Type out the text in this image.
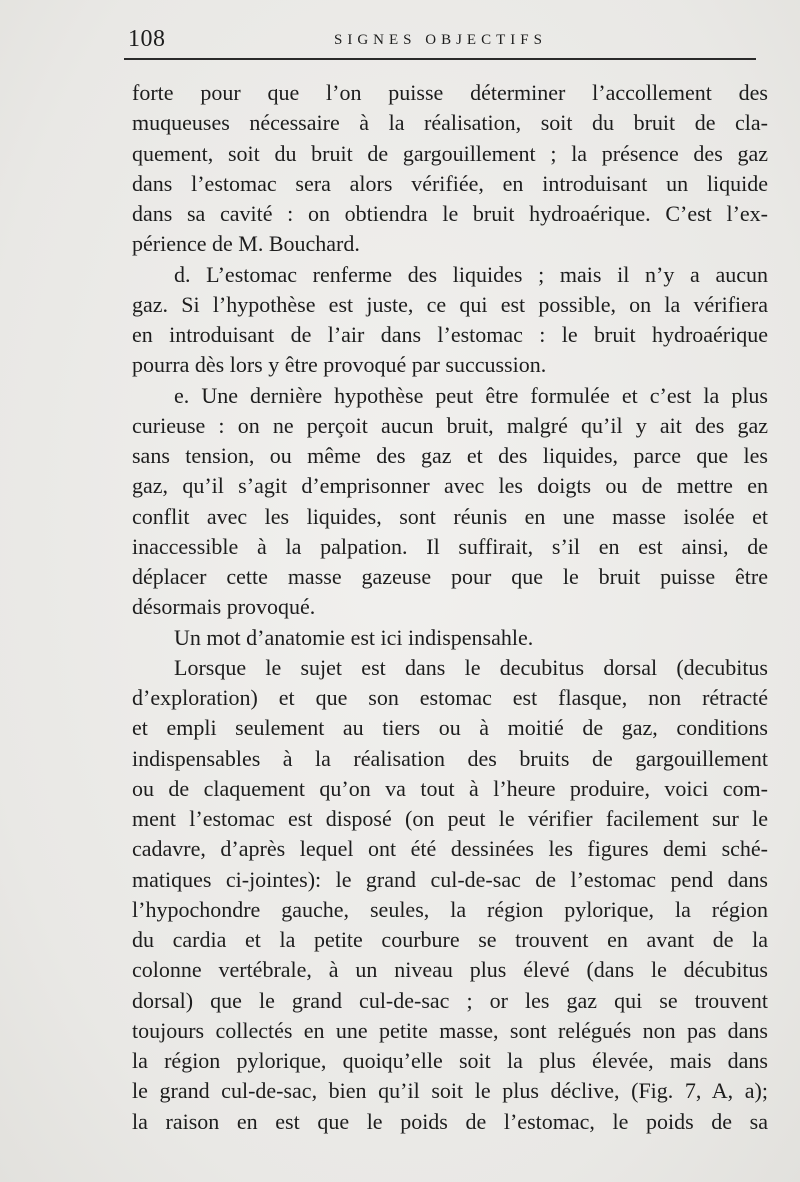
108	SIGNES OBJECTIFS
forte pour que l’on puisse déterminer l’accollement des
muqueuses nécessaire à la réalisation, soit du bruit de cla-
quement, soit du bruit de gargouillement ; la présence des gaz
dans l’estomac sera alors vérifiée, en introduisant un liquide
dans sa cavité : on obtiendra le bruit hydroaérique. C’est l’ex-
périence de M. Bouchard.
d. L’estomac renferme des liquides ; mais il n’y a aucun
gaz. Si l’hypothèse est juste, ce qui est possible, on la vérifiera
en introduisant de l’air dans l’estomac : le bruit hydroaérique
pourra dès lors y être provoqué par succussion.
e. Une dernière hypothèse peut être formulée et c’est la plus
curieuse : on ne perçoit aucun bruit, malgré qu’il y ait des gaz
sans tension, ou même des gaz et des liquides, parce que les
gaz, qu’il s’agit d’emprisonner avec les doigts ou de mettre en
conflit avec les liquides, sont réunis en une masse isolée et
inaccessible à la palpation. Il suffirait, s’il en est ainsi, de
déplacer cette masse gazeuse pour que le bruit puisse être
désormais provoqué.
Un mot d’anatomie est ici indispensahle.
Lorsque le sujet est dans le decubitus dorsal (decubitus
d’exploration) et que son estomac est flasque, non rétracté
et empli seulement au tiers ou à moitié de gaz, conditions
indispensables à la réalisation des bruits de gargouillement
ou de claquement qu’on va tout à l’heure produire, voici com-
ment l’estomac est disposé (on peut le vérifier facilement sur le
cadavre, d’après lequel ont été dessinées les figures demi sché-
matiques ci-jointes): le grand cul-de-sac de l’estomac pend dans
l’hypochondre gauche, seules, la région pylorique, la région
du cardia et la petite courbure se trouvent en avant de la
colonne vertébrale, à un niveau plus élevé (dans le décubitus
dorsal) que le grand cul-de-sac ; or les gaz qui se trouvent
toujours collectés en une petite masse, sont relégués non pas dans
la région pylorique, quoiqu’elle soit la plus élevée, mais dans
le grand cul-de-sac, bien qu’il soit le plus déclive, (Fig. 7, A, a);
la raison en est que le poids de l’estomac, le poids de sa
